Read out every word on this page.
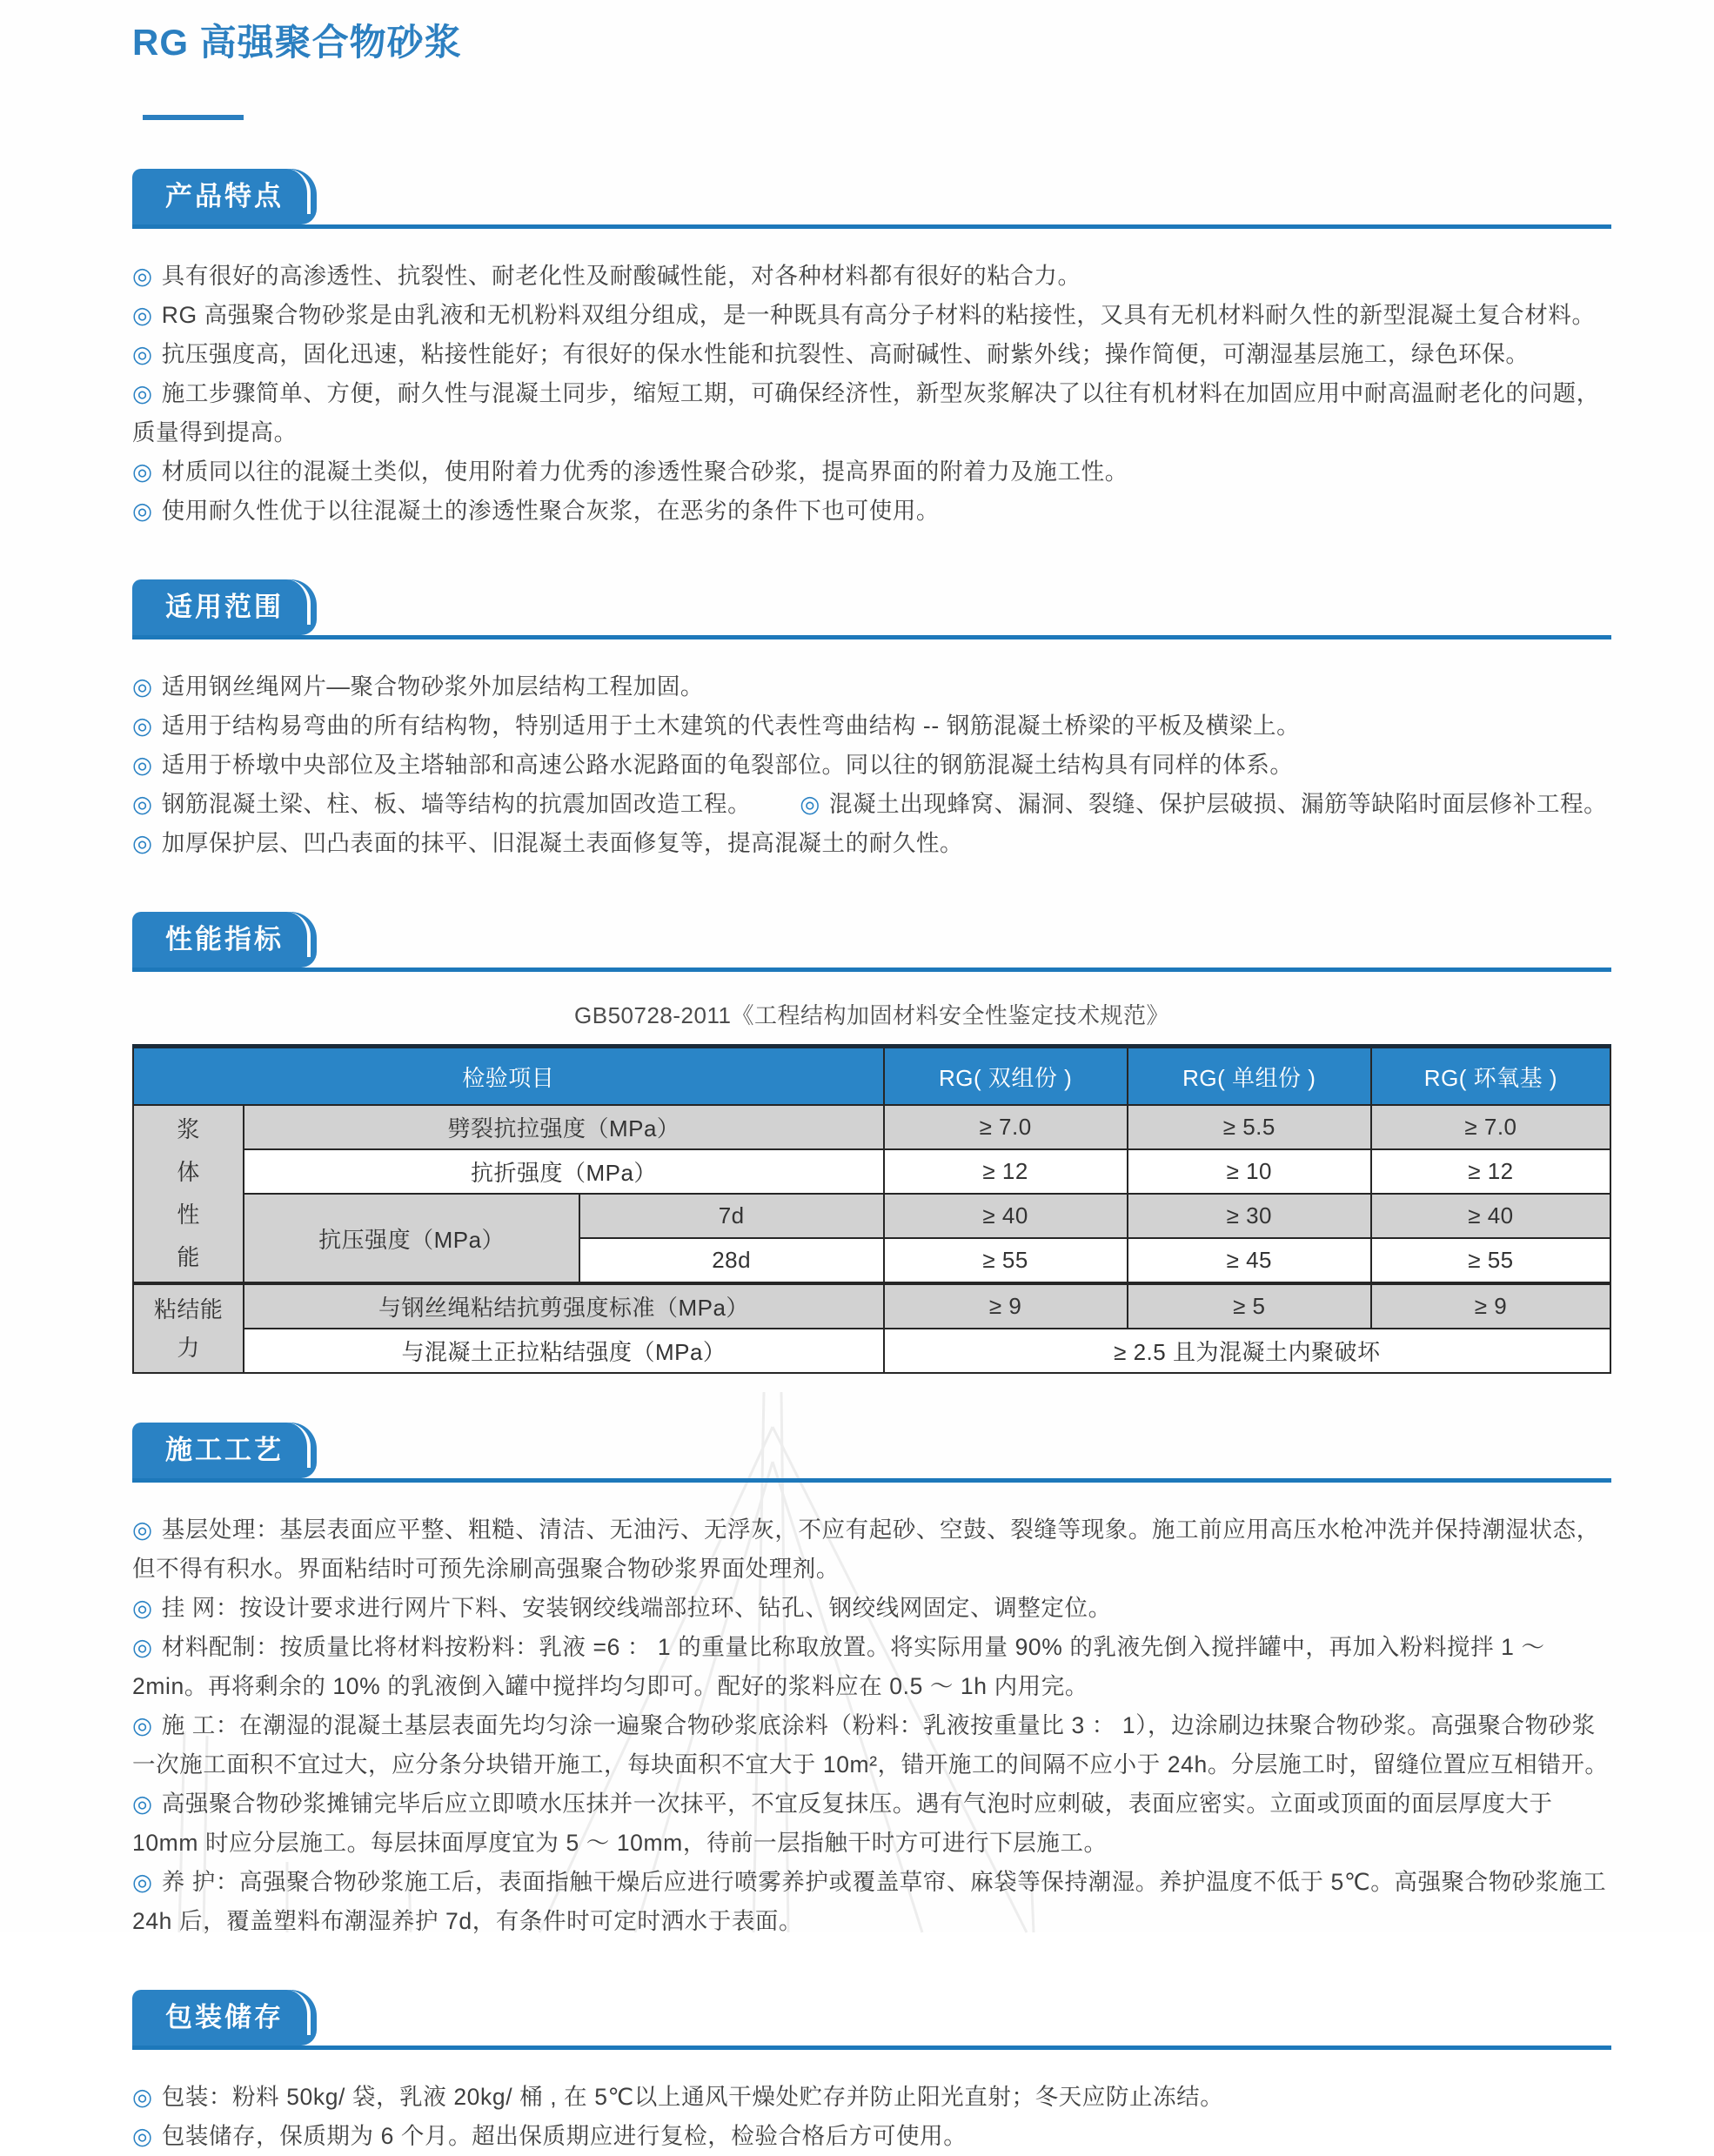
RG 高强聚合物砂浆
产品特点

◎ 具有很好的高渗透性、抗裂性、耐老化性及耐酸碱性能，对各种材料都有很好的粘合力。

◎ RG 高强聚合物砂浆是由乳液和无机粉料双组分组成，是一种既具有高分子材料的粘接性，又具有无机材料耐久性的新型混凝土复合材料。

◎ 抗压强度高，固化迅速，粘接性能好；有很好的保水性能和抗裂性、高耐碱性、耐紫外线；操作简便，可潮湿基层施工，绿色环保。

◎ 施工步骤简单、方便，耐久性与混凝土同步，缩短工期，可确保经济性，新型灰浆解决了以往有机材料在加固应用中耐高温耐老化的问题，质量得到提高。

◎ 材质同以往的混凝土类似，使用附着力优秀的渗透性聚合砂浆，提高界面的附着力及施工性。

◎ 使用耐久性优于以往混凝土的渗透性聚合灰浆，在恶劣的条件下也可使用。

适用范围

◎ 适用钢丝绳网片—聚合物砂浆外加层结构工程加固。

◎ 适用于结构易弯曲的所有结构物，特别适用于土木建筑的代表性弯曲结构 -- 钢筋混凝土桥梁的平板及横梁上。

◎ 适用于桥墩中央部位及主塔轴部和高速公路水泥路面的龟裂部位。同以往的钢筋混凝土结构具有同样的体系。

◎ 钢筋混凝土梁、柱、板、墙等结构的抗震加固改造工程。 ◎ 混凝土出现蜂窝、漏洞、裂缝、保护层破损、漏筋等缺陷时面层修补工程。

◎ 加厚保护层、凹凸表面的抹平、旧混凝土表面修复等，提高混凝土的耐久性。

性能指标
GB50728-2011《工程结构加固材料安全性鉴定技术规范》
检验项目			RG( 双组份 )	RG( 单组份 )	RG( 环氧基 )

浆体性能	劈裂抗拉强度（MPa）		≥ 7.0	≥ 5.5	≥ 7.0
	抗折强度（MPa）		≥ 12	≥ 10	≥ 12
	抗压强度（MPa）	7d	≥ 40	≥ 30	≥ 40
		28d	≥ 55	≥ 45	≥ 55

粘结能力	与钢丝绳粘结抗剪强度标准（MPa）		≥ 9	≥ 5	≥ 9
	与混凝土正拉粘结强度（MPa）		≥ 2.5 且为混凝土内聚破坏		
施工工艺

◎ 基层处理：基层表面应平整、粗糙、清洁、无油污、无浮灰，不应有起砂、空鼓、裂缝等现象。施工前应用高压水枪冲洗并保持潮湿状态，但不得有积水。界面粘结时可预先涂刷高强聚合物砂浆界面处理剂。

◎ 挂 网：按设计要求进行网片下料、安装钢绞线端部拉环、钻孔、钢绞线网固定、调整定位。

◎ 材料配制：按质量比将材料按粉料：乳液 =6 ： 1 的重量比称取放置。将实际用量 90% 的乳液先倒入搅拌罐中，再加入粉料搅拌 1 ～ 2min。再将剩余的 10% 的乳液倒入罐中搅拌均匀即可。配好的浆料应在 0.5 ～ 1h 内用完。

◎ 施 工：在潮湿的混凝土基层表面先均匀涂一遍聚合物砂浆底涂料（粉料：乳液按重量比 3 ： 1），边涂刷边抹聚合物砂浆。高强聚合物砂浆一次施工面积不宜过大，应分条分块错开施工，每块面积不宜大于 10m²，错开施工的间隔不应小于 24h。分层施工时，留缝位置应互相错开。

◎ 高强聚合物砂浆摊铺完毕后应立即喷水压抹并一次抹平，不宜反复抹压。遇有气泡时应刺破，表面应密实。立面或顶面的面层厚度大于 10mm 时应分层施工。每层抹面厚度宜为 5 ～ 10mm，待前一层指触干时方可进行下层施工。

◎ 养 护：高强聚合物砂浆施工后，表面指触干燥后应进行喷雾养护或覆盖草帘、麻袋等保持潮湿。养护温度不低于 5℃。高强聚合物砂浆施工 24h 后，覆盖塑料布潮湿养护 7d，有条件时可定时洒水于表面。

包装储存

◎ 包装：粉料 50kg/ 袋，乳液 20kg/ 桶 , 在 5℃以上通风干燥处贮存并防止阳光直射；冬天应防止冻结。

◎ 包装储存，保质期为 6 个月。超出保质期应进行复检，检验合格后方可使用。
